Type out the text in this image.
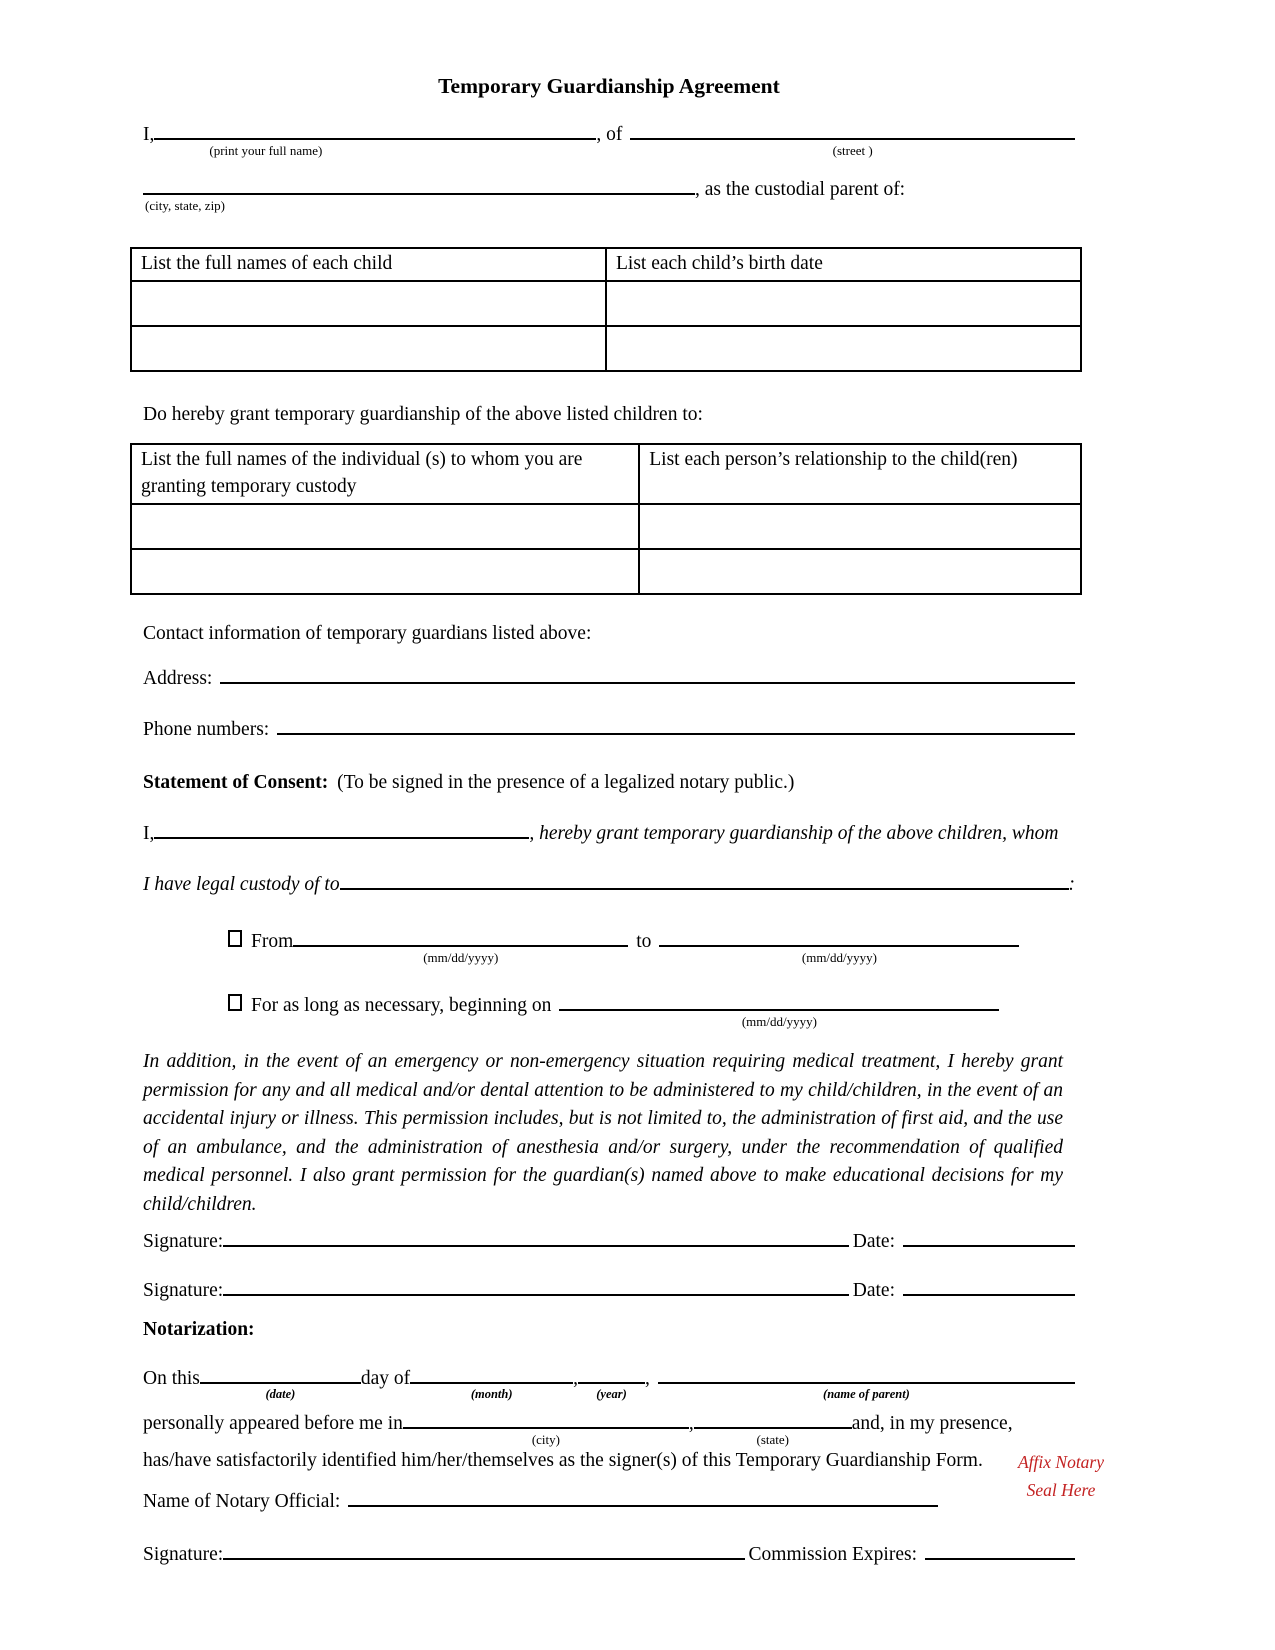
Temporary Guardianship Agreement
I,
(print your full name)
, of
(street )
(city, state, zip)
, as the custodial parent of:
List the full names of each child	List each child’s birth date

Do hereby grant temporary guardianship of the above listed children to:
List the full names of the individual (s) to whom you are granting temporary custody	List each person’s relationship to the child(ren)

Contact information of temporary guardians listed above:
Address:
Phone numbers:
Statement of Consent: (To be signed in the presence of a legalized notary public.)
I,	, hereby grant temporary guardianship of the above children, whom
I have legal custody of to	:
From
(mm/dd/yyyy)
to
(mm/dd/yyyy)
For as long as necessary, beginning on
(mm/dd/yyyy)
In addition, in the event of an emergency or non-emergency situation requiring medical treatment, I hereby grant permission for any and all medical and/or dental attention to be administered to my child/children, in the event of an accidental injury or illness. This permission includes, but is not limited to, the administration of first aid, and the use of an ambulance, and the administration of anesthesia and/or surgery, under the recommendation of qualified medical personnel. I also grant permission for the guardian(s) named above to make educational decisions for my child/children.
Signature:	Date:
Signature:	Date:
Notarization:
On this
(date)
day of
(month)
,
(year)
,
(name of parent)
personally appeared before me in
(city)
,
(state)
and, in my presence,
has/have satisfactorily identified him/her/themselves as the signer(s) of this Temporary Guardianship Form.
Name of Notary Official:
Signature:	Commission Expires:
Affix Notary
Seal Here
